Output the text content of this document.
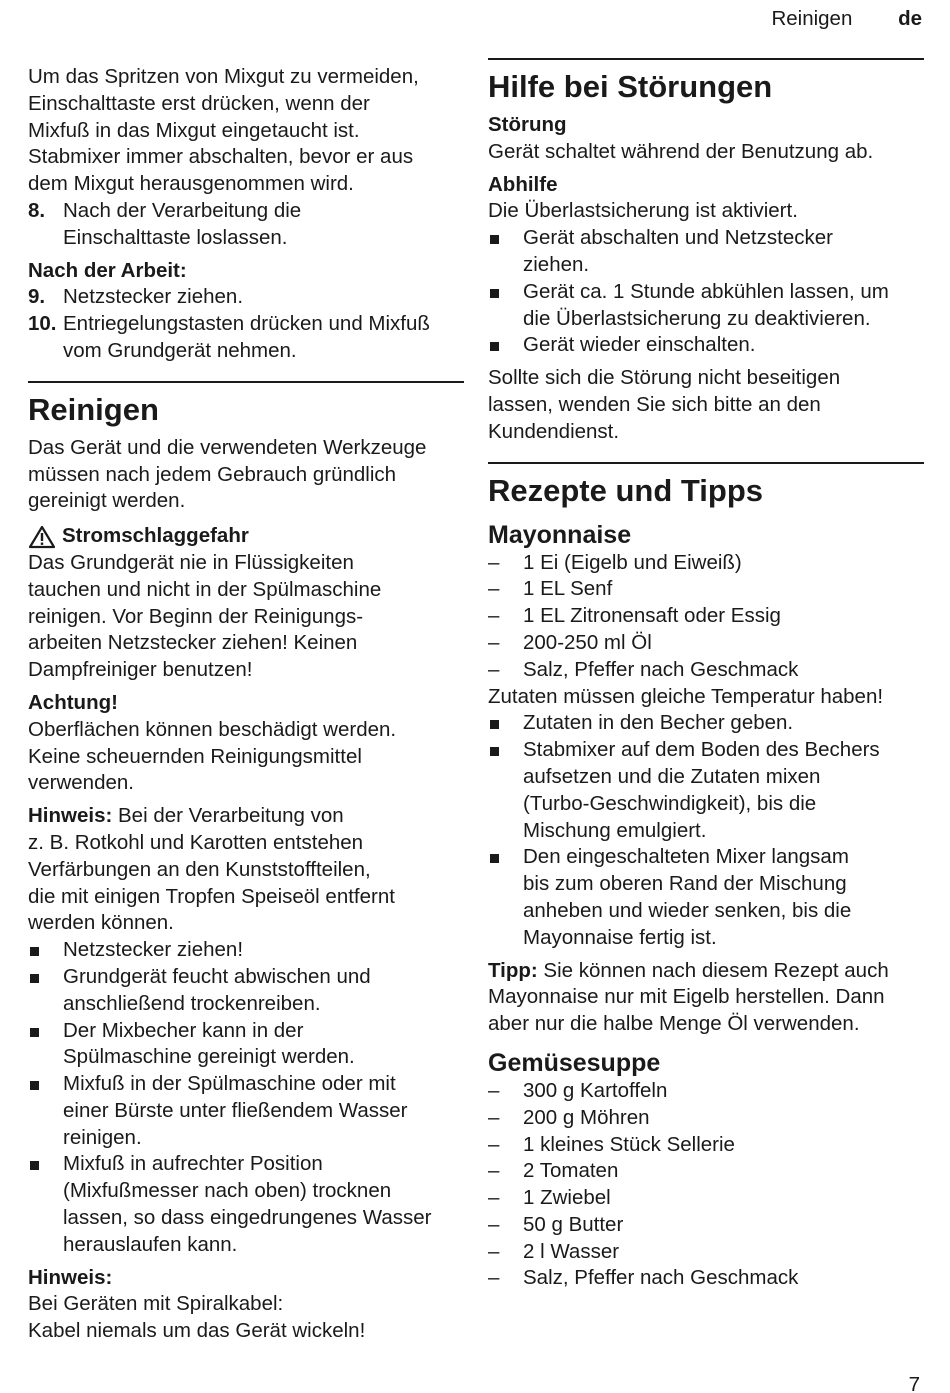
Reinigen de

Um das Spritzen von Mixgut zu vermeiden,

Einschalttaste erst drücken, wenn der

Mixfuß in das Mixgut eingetaucht ist.

Stabmixer immer abschalten, bevor er aus

dem Mixgut herausgenommen wird.

8. Nach der Verarbeitung die

Einschalttaste loslassen.

Nach der Arbeit:

9. Netzstecker ziehen.

10. Entriegelungstasten drücken und Mixfuß

vom Grundgerät nehmen.

Reinigen

Das Gerät und die verwendeten Werkzeuge

müssen nach jedem Gebrauch gründlich

gereinigt werden.

Stromschlaggefahr

Das Grundgerät nie in Flüssigkeiten

tauchen und nicht in der Spülmaschine

reinigen. Vor Beginn der Reinigungs-

arbeiten Netzstecker ziehen! Keinen

Dampfreiniger benutzen!

Achtung!

Oberflächen können beschädigt werden.

Keine scheuernden Reinigungsmittel

verwenden.

Hinweis: Bei der Verarbeitung von

z. B. Rotkohl und Karotten entstehen

Verfärbungen an den Kunststoffteilen,

die mit einigen Tropfen Speiseöl entfernt

werden können.

Netzstecker ziehen!

Grundgerät feucht abwischen und

anschließend trockenreiben.

Der Mixbecher kann in der

Spülmaschine gereinigt werden.

Mixfuß in der Spülmaschine oder mit

einer Bürste unter fließendem Wasser

reinigen.

Mixfuß in aufrechter Position

(Mixfußmesser nach oben) trocknen

lassen, so dass eingedrungenes Wasser

herauslaufen kann.

Hinweis:

Bei Geräten mit Spiralkabel:

Kabel niemals um das Gerät wickeln!

Hilfe bei Störungen

Störung

Gerät schaltet während der Benutzung ab.

Abhilfe

Die Überlastsicherung ist aktiviert.

Gerät abschalten und Netzstecker

ziehen.

Gerät ca. 1 Stunde abkühlen lassen, um

die Überlastsicherung zu deaktivieren.

Gerät wieder einschalten.

Sollte sich die Störung nicht beseitigen

lassen, wenden Sie sich bitte an den

Kundendienst.

Rezepte und Tipps
Mayonnaise
–	1 Ei (Eigelb und Eiweiß)

–	1 EL Senf

–	1 EL Zitronensaft oder Essig

–	200-250 ml Öl

–	Salz, Pfeffer nach Geschmack

Zutaten müssen gleiche Temperatur haben!

Zutaten in den Becher geben.

Stabmixer auf dem Boden des Bechers

aufsetzen und die Zutaten mixen

(Turbo-Geschwindigkeit), bis die

Mischung emulgiert.

Den eingeschalteten Mixer langsam

bis zum oberen Rand der Mischung

anheben und wieder senken, bis die

Mayonnaise fertig ist.

Tipp: Sie können nach diesem Rezept auch

Mayonnaise nur mit Eigelb herstellen. Dann

aber nur die halbe Menge Öl verwenden.

Gemüsesuppe
–	300 g Kartoffeln

–	200 g Möhren

–	1 kleines Stück Sellerie

–	2 Tomaten

–	1 Zwiebel

–	50 g Butter

–	2 l Wasser

–	Salz, Pfeffer nach Geschmack

7
